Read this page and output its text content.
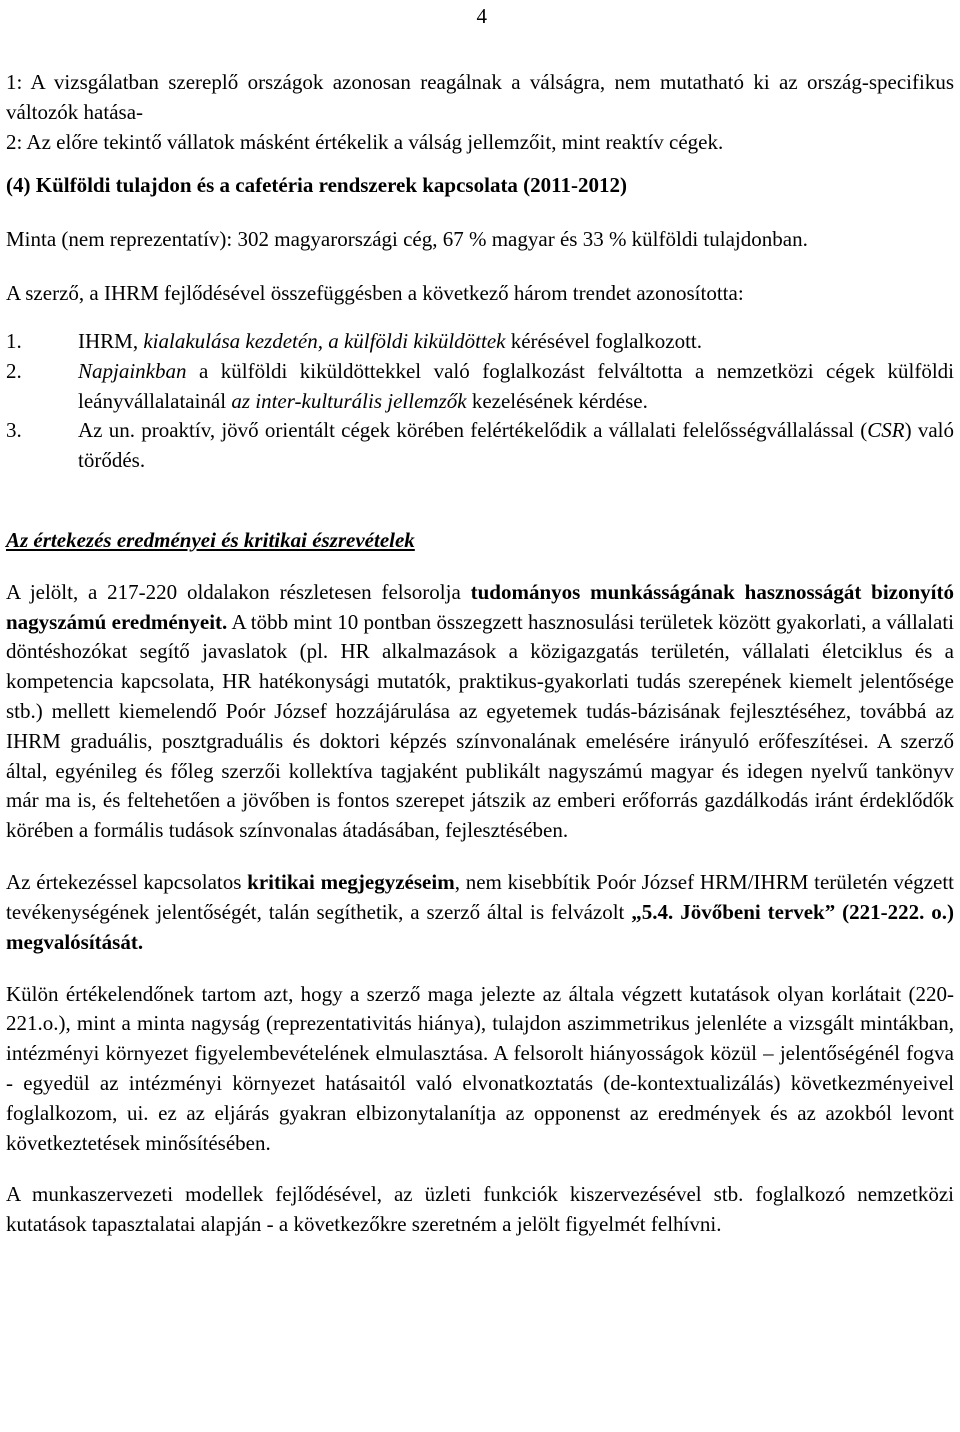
4

1: A vizsgálatban szereplő országok azonosan reagálnak a válságra, nem mutatható ki az ország-specifikus változók hatása-

2: Az előre tekintő vállatok másként értékelik a válság jellemzőit, mint reaktív cégek.

(4) Külföldi tulajdon és a cafetéria rendszerek kapcsolata (2011-2012)

Minta (nem reprezentatív): 302 magyarországi cég, 67 % magyar és 33 % külföldi tulajdonban.

A szerző, a IHRM fejlődésével összefüggésben a következő három trendet azonosította:

1.	IHRM, kialakulása kezdetén, a külföldi kiküldöttek kérésével foglalkozott.
2.	Napjainkban a külföldi kiküldöttekkel való foglalkozást felváltotta a nemzetközi cégek külföldi leányvállalatainál az inter-kulturális jellemzők kezelésének kérdése.
3.	Az un. proaktív, jövő orientált cégek körében felértékelődik a vállalati felelősségvállalással (CSR) való törődés.

Az értekezés eredményei és kritikai észrevételek

A jelölt, a 217-220 oldalakon részletesen felsorolja tudományos munkásságának hasznosságát bizonyító nagyszámú eredményeit. A több mint 10 pontban összegzett hasznosulási területek között gyakorlati, a vállalati döntéshozókat segítő javaslatok (pl. HR alkalmazások a közigazgatás területén, vállalati életciklus és a kompetencia kapcsolata, HR hatékonysági mutatók, praktikus-gyakorlati tudás szerepének kiemelt jelentősége stb.) mellett kiemelendő Poór József hozzájárulása az egyetemek tudás-bázisának fejlesztéséhez, továbbá az IHRM graduális, posztgraduális és doktori képzés színvonalának emelésére irányuló erőfeszítései. A szerző által, egyénileg és főleg szerzői kollektíva tagjaként publikált nagyszámú magyar és idegen nyelvű tankönyv már ma is, és feltehetően a jövőben is fontos szerepet játszik az emberi erőforrás gazdálkodás iránt érdeklődők körében a formális tudások színvonalas átadásában, fejlesztésében.

Az értekezéssel kapcsolatos kritikai megjegyzéseim, nem kisebbítik Poór József HRM/IHRM területén végzett tevékenységének jelentőségét, talán segíthetik, a szerző által is felvázolt „5.4. Jövőbeni tervek” (221-222. o.) megvalósítását.

Külön értékelendőnek tartom azt, hogy a szerző maga jelezte az általa végzett kutatások olyan korlátait (220-221.o.), mint a minta nagyság (reprezentativitás hiánya), tulajdon aszimmetrikus jelenléte a vizsgált mintákban, intézményi környezet figyelembevételének elmulasztása. A felsorolt hiányosságok közül – jelentőségénél fogva - egyedül az intézményi környezet hatásaitól való elvonatkoztatás (de-kontextualizálás) következményeivel foglalkozom, ui. ez az eljárás gyakran elbizonytalanítja az opponenst az eredmények és az azokból levont következtetések minősítésében.

A munkaszervezeti modellek fejlődésével, az üzleti funkciók kiszervezésével stb. foglalkozó nemzetközi kutatások tapasztalatai alapján - a következőkre szeretném a jelölt figyelmét felhívni.
